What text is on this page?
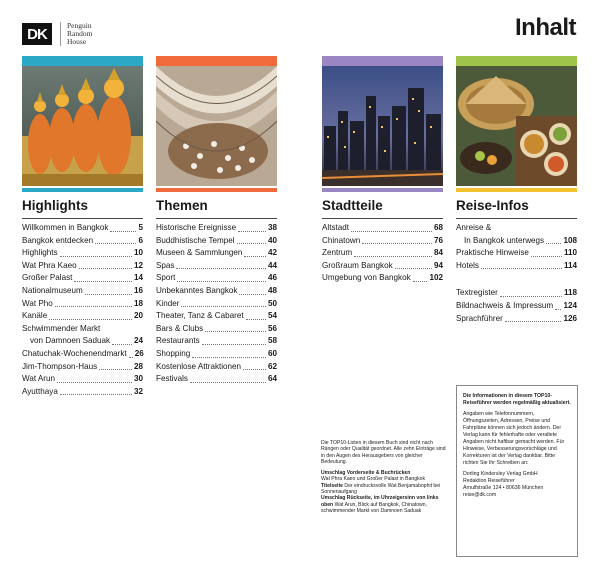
DK	Penguin
Random
House
Inhalt
Highlights
Willkommen in Bangkok	5
Bangkok entdecken	6
Highlights	10
Wat Phra Kaeo	12
Großer Palast	14
Nationalmuseum	16
Wat Pho	18
Kanäle	20
Schwimmender Markt
von Damnoen Saduak	24
Chatuchak-Wochenendmarkt 26
Jim-Thompson-Haus	28
Wat Arun	30
Ayutthaya	32
Themen
Historische Ereignisse	38
Buddhistische Tempel	40
Museen & Sammlungen	42
Spas	44
Sport	46
Unbekanntes Bangkok	48
Kinder	50
Theater, Tanz & Cabaret	54
Bars & Clubs	56
Restaurants	58
Shopping	60
Kostenlose Attraktionen	62
Festivals	64
Stadtteile
Altstadt	68
Chinatown	76
Zentrum	84
Großraum Bangkok	94
Umgebung von Bangkok 102
Reise-Infos
Anreise &
In Bangkok unterwegs 108
Praktische Hinweise	110
Hotels	114
Textregister	118
Bildnachweis & Impressum 124
Sprachführer	126
Die TOP10-Listen in diesem Buch sind nicht nach Rängen oder Qualität geordnet. Alle zehn Einträge sind in den Augen des Herausgebers von gleicher Bedeutung.
Umschlag Vorderseite & Buchrücken
Wat Phra Kaeo und Großer Palast in Bangkok
Titelseite Der eindrucksvolle Wat Benjamabophit bei Sonnenaufgang
Umschlag Rückseite, im Uhrzeigersinn von links oben Wat Arun, Blick auf Bangkok, Chinatown, schwimmender Markt von Damnoen Saduak
Die Informationen in diesem TOP10-Reiseführer werden regelmäßig aktualisiert.

Angaben wie Telefonnummern, Öffnungszeiten, Adressen, Preise und Fahrpläne können sich jedoch ändern. Der Verlag kann für fehlerhafte oder veraltete Angaben nicht haftbar gemacht werden. Für Hinweise, Verbesserungsvorschläge und Korrekturen ist der Verlag dankbar. Bitte richten Sie Ihr Schreiben an:

Dorling Kindersley Verlag GmbH
Redaktion Reiseführer
Arnulfstraße 124 • 80636 München
reise@dk.com
